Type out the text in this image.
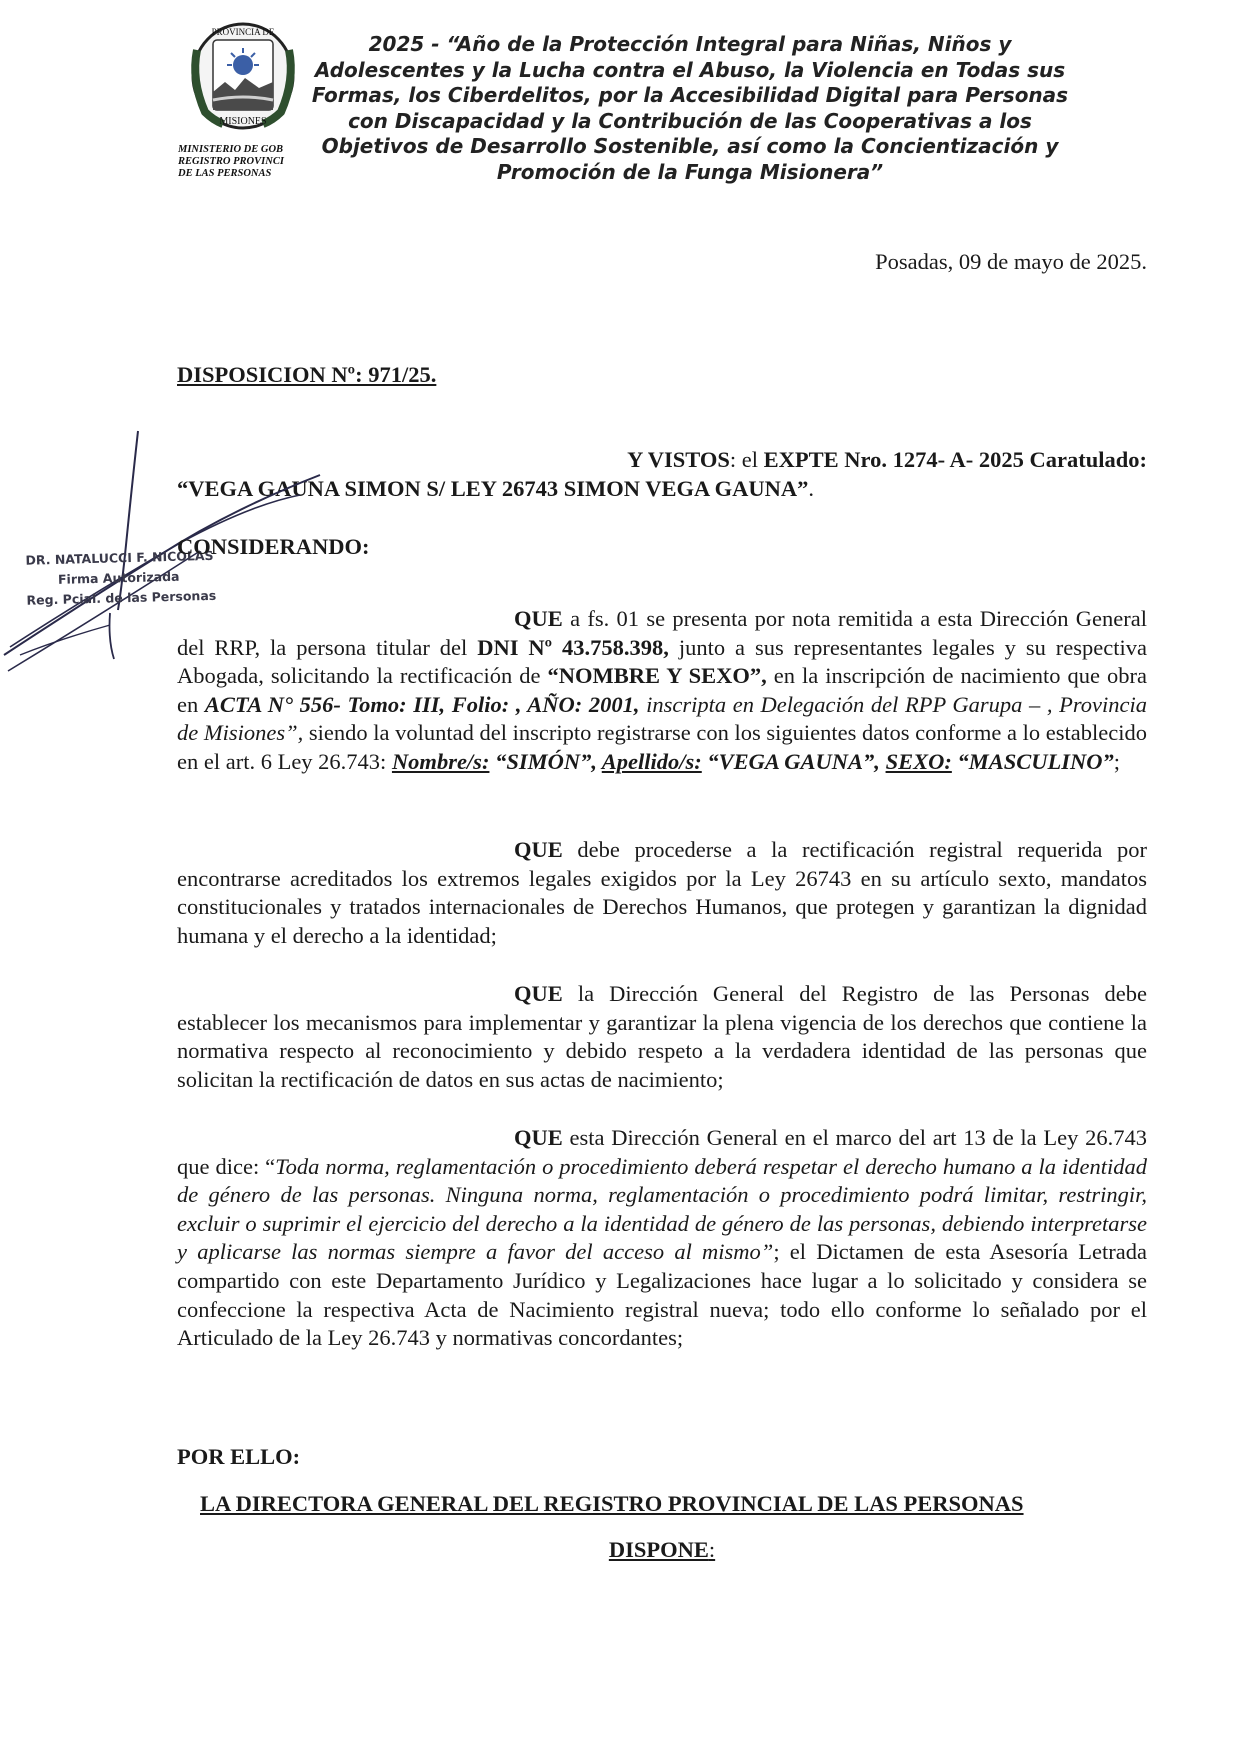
PROVINCIA DE
MISIONES
MINISTERIO DE GOB
REGISTRO PROVINCI
DE LAS PERSONAS
2025 - “Año de la Protección Integral para Niñas, Niños y Adolescentes y la Lucha contra el Abuso, la Violencia en Todas sus Formas, los Ciberdelitos, por la Accesibilidad Digital para Personas con Discapacidad y la Contribución de las Cooperativas a los Objetivos de Desarrollo Sostenible, así como la Concientización y Promoción de la Funga Misionera”
Posadas, 09 de mayo de 2025.
DISPOSICION Nº: 971/25.
Y VISTOS: el EXPTE Nro. 1274- A- 2025 Caratulado:
“VEGA GAUNA SIMON S/ LEY 26743 SIMON VEGA GAUNA”.
DR. NATALUCCI F. NICOLAS
Firma Autorizada
Reg. Pcial. de las Personas
CONSIDERANDO:
QUE a fs. 01 se presenta por nota remitida a esta Dirección General del RRP, la persona titular del DNI Nº 43.758.398, junto a sus representantes legales y su respectiva Abogada, solicitando la rectificación de “NOMBRE Y SEXO”, en la inscripción de nacimiento que obra en ACTA N° 556- Tomo: III, Folio: , AÑO: 2001, inscripta en Delegación del RPP Garupa – , Provincia de Misiones”, siendo la voluntad del inscripto registrarse con los siguientes datos conforme a lo establecido en el art. 6 Ley 26.743: Nombre/s: “SIMÓN”, Apellido/s: “VEGA GAUNA”, SEXO: “MASCULINO”;
QUE debe procederse a la rectificación registral requerida por encontrarse acreditados los extremos legales exigidos por la Ley 26743 en su artículo sexto, mandatos constitucionales y tratados internacionales de Derechos Humanos, que protegen y garantizan la dignidad humana y el derecho a la identidad;
QUE la Dirección General del Registro de las Personas debe establecer los mecanismos para implementar y garantizar la plena vigencia de los derechos que contiene la normativa respecto al reconocimiento y debido respeto a la verdadera identidad de las personas que solicitan la rectificación de datos en sus actas de nacimiento;
QUE esta Dirección General en el marco del art 13 de la Ley 26.743 que dice: “Toda norma, reglamentación o procedimiento deberá respetar el derecho humano a la identidad de género de las personas. Ninguna norma, reglamentación o procedimiento podrá limitar, restringir, excluir o suprimir el ejercicio del derecho a la identidad de género de las personas, debiendo interpretarse y aplicarse las normas siempre a favor del acceso al mismo”; el Dictamen de esta Asesoría Letrada compartido con este Departamento Jurídico y Legalizaciones hace lugar a lo solicitado y considera se confeccione la respectiva Acta de Nacimiento registral nueva; todo ello conforme lo señalado por el Articulado de la Ley 26.743 y normativas concordantes;
POR ELLO:
LA DIRECTORA GENERAL DEL REGISTRO PROVINCIAL DE LAS PERSONAS
DISPONE:
